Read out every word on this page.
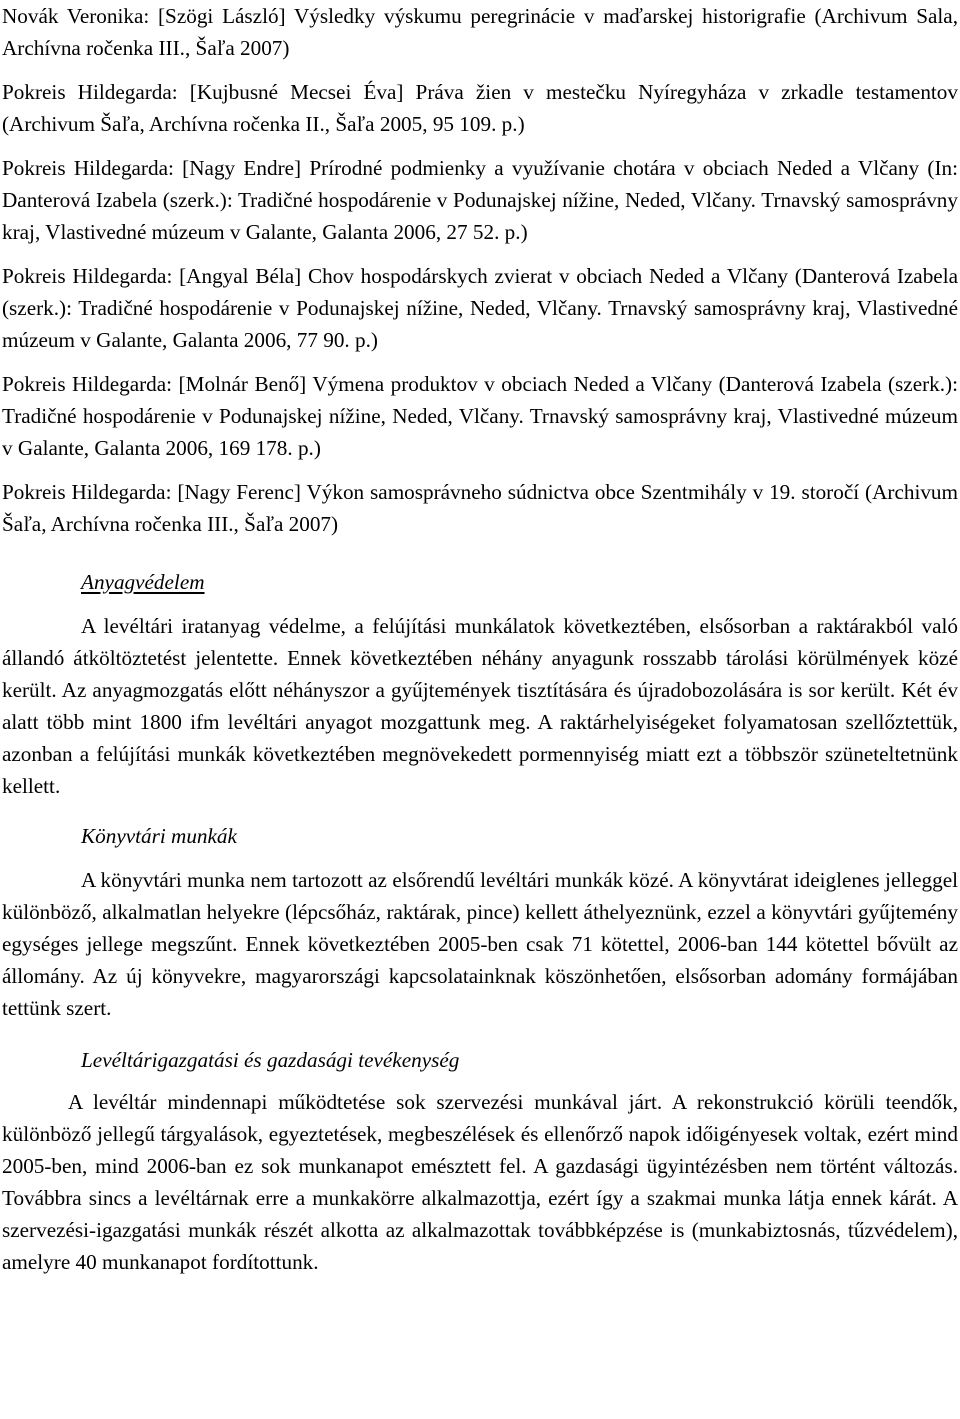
Novák Veronika: [Szögi László] Výsledky výskumu peregrinácie v maďarskej historigrafie (Archivum Sala, Archívna ročenka III., Šaľa 2007)

Pokreis Hildegarda: [Kujbusné Mecsei Éva] Práva žien v mestečku Nyíregyháza v zrkadle testamentov (Archivum Šaľa, Archívna ročenka II., Šaľa 2005, 95 109. p.)

Pokreis Hildegarda: [Nagy Endre] Prírodné podmienky a využívanie chotára v obciach Neded a Vlčany (In: Danterová Izabela (szerk.): Tradičné hospodárenie v Podunajskej nížine, Neded, Vlčany. Trnavský samosprávny kraj, Vlastivedné múzeum v Galante, Galanta 2006, 27 52. p.)

Pokreis Hildegarda: [Angyal Béla] Chov hospodárskych zvierat v obciach Neded a Vlčany (Danterová Izabela (szerk.): Tradičné hospodárenie v Podunajskej nížine, Neded, Vlčany. Trnavský samosprávny kraj, Vlastivedné múzeum v Galante, Galanta 2006, 77 90. p.)

Pokreis Hildegarda: [Molnár Benő] Výmena produktov v obciach Neded a Vlčany (Danterová Izabela (szerk.): Tradičné hospodárenie v Podunajskej nížine, Neded, Vlčany. Trnavský samosprávny kraj, Vlastivedné múzeum v Galante, Galanta 2006, 169 178. p.)

Pokreis Hildegarda: [Nagy Ferenc] Výkon samosprávneho súdnictva obce Szentmihály v 19. storočí (Archivum Šaľa, Archívna ročenka III., Šaľa 2007)

Anyagvédelem

A levéltári iratanyag védelme, a felújítási munkálatok következtében, elsősorban a raktárakból való állandó átköltöztetést jelentette. Ennek következtében néhány anyagunk rosszabb tárolási körülmények közé került. Az anyagmozgatás előtt néhányszor a gyűjtemények tisztítására és újradobozolására is sor került. Két év alatt több mint 1800 ifm levéltári anyagot mozgattunk meg. A raktárhelyiségeket folyamatosan szellőztettük, azonban a felújítási munkák következtében megnövekedett pormennyiség miatt ezt a többször szüneteltetnünk kellett.

Könyvtári munkák

A könyvtári munka nem tartozott az elsőrendű levéltári munkák közé. A könyvtárat ideiglenes jelleggel különböző, alkalmatlan helyekre (lépcsőház, raktárak, pince) kellett áthelyeznünk, ezzel a könyvtári gyűjtemény egységes jellege megszűnt. Ennek következtében 2005-ben csak 71 kötettel, 2006-ban 144 kötettel bővült az állomány. Az új könyvekre, magyarországi kapcsolatainknak köszönhetően, elsősorban adomány formájában tettünk szert.

Levéltárigazgatási és gazdasági tevékenység

A levéltár mindennapi működtetése sok szervezési munkával járt. A rekonstrukció körüli teendők, különböző jellegű tárgyalások, egyeztetések, megbeszélések és ellenőrző napok időigényesek voltak, ezért mind 2005-ben, mind 2006-ban ez sok munkanapot emésztett fel. A gazdasági ügyintézésben nem történt változás. Továbbra sincs a levéltárnak erre a munkakörre alkalmazottja, ezért így a szakmai munka látja ennek kárát. A szervezési-igazgatási munkák részét alkotta az alkalmazottak továbbképzése is (munkabiztosnás, tűzvédelem), amelyre 40 munkanapot fordítottunk.
